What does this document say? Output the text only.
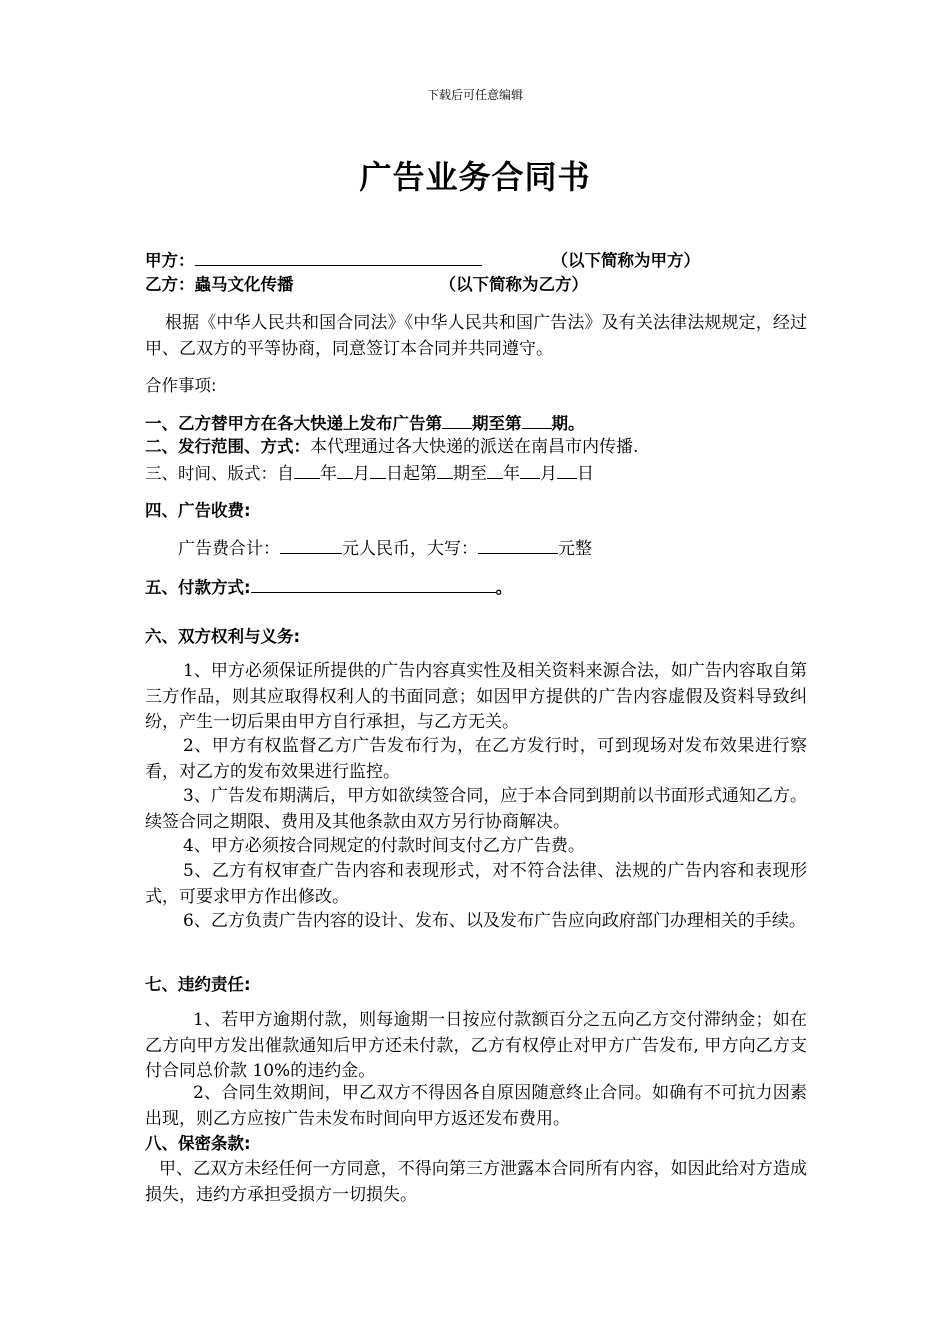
下载后可任意编辑
广告业务合同书
甲方：	（以下简称为甲方）
乙方：蟲马文化传播	（以下简称为乙方）
根据《中华人民共和国合同法》《中华人民共和国广告法》及有关法律法规规定，经过甲、乙双方的平等协商，同意签订本合同并共同遵守。
合作事项:
一、乙方替甲方在各大快递上发布广告第 期至第 期。
二、发行范围、方式：本代理通过各大快递的派送在南昌市内传播.
三、时间、版式：自 年 月 日起第 期至 年 月 日
四、广告收费:
广告费合计：	元人民币，大写：	元整
五、付款方式:	。
六、双方权利与义务:
1、甲方必须保证所提供的广告内容真实性及相关资料来源合法，如广告内容取自第三方作品，则其应取得权利人的书面同意；如因甲方提供的广告内容虚假及资料导致纠纷，产生一切后果由甲方自行承担，与乙方无关。
2、甲方有权监督乙方广告发布行为，在乙方发行时，可到现场对发布效果进行察看，对乙方的发布效果进行监控。
3、广告发布期满后，甲方如欲续签合同，应于本合同到期前以书面形式通知乙方。续签合同之期限、费用及其他条款由双方另行协商解决。
4、甲方必须按合同规定的付款时间支付乙方广告费。
5、乙方有权审查广告内容和表现形式，对不符合法律、法规的广告内容和表现形式，可要求甲方作出修改。
6、乙方负责广告内容的设计、发布、以及发布广告应向政府部门办理相关的手续。
七、违约责任:
1、若甲方逾期付款，则每逾期一日按应付款额百分之五向乙方交付滞纳金；如在乙方向甲方发出催款通知后甲方还未付款，乙方有权停止对甲方广告发布, 甲方向乙方支付合同总价款 10%的违约金。
2、合同生效期间，甲乙双方不得因各自原因随意终止合同。如确有不可抗力因素出现，则乙方应按广告未发布时间向甲方返还发布费用。
八、保密条款:
甲、乙双方未经任何一方同意，不得向第三方泄露本合同所有内容，如因此给对方造成损失，违约方承担受损方一切损失。
